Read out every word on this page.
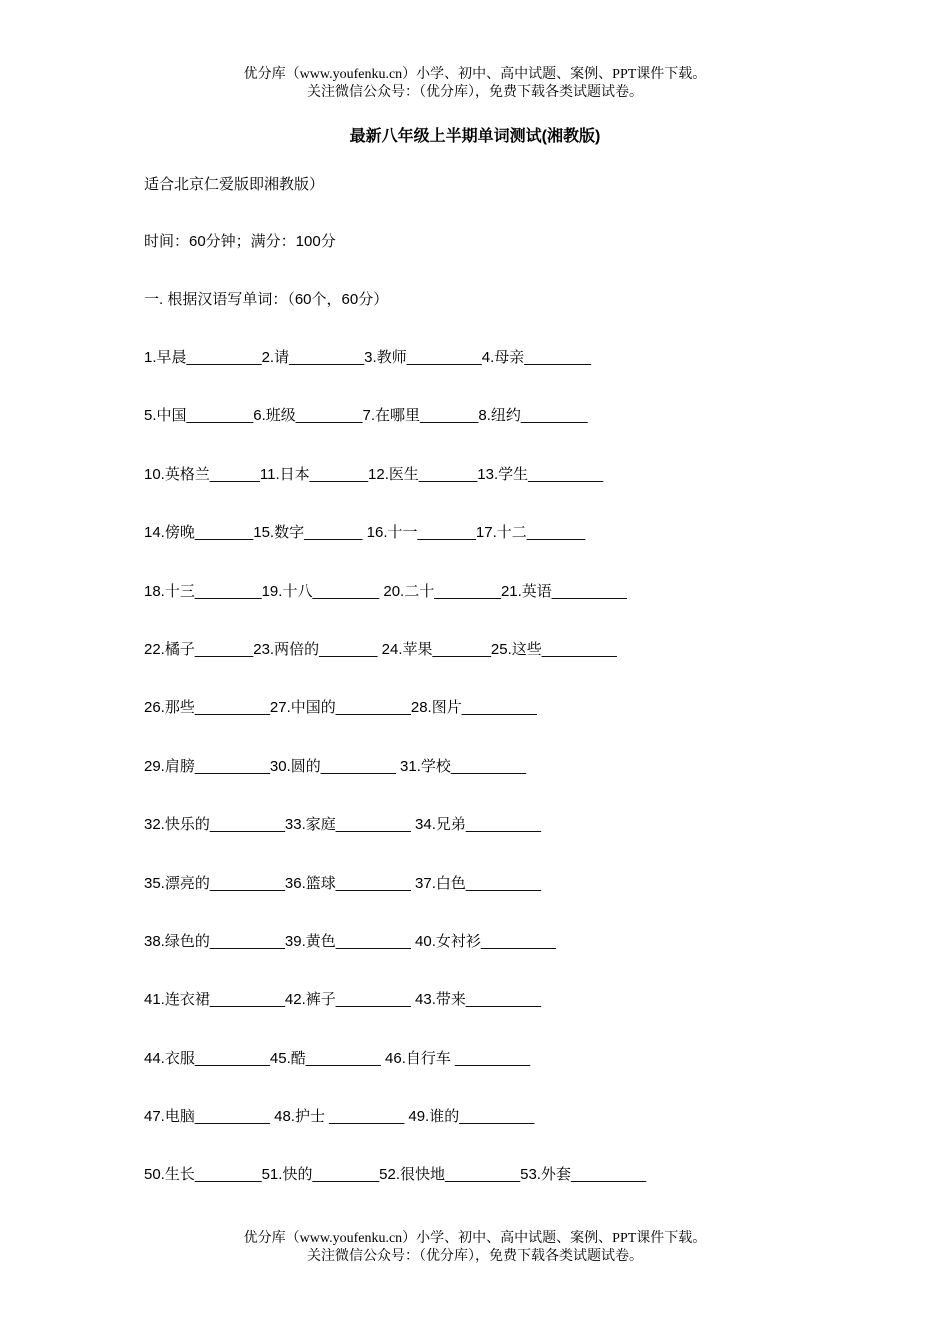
优分库（www.youfenku.cn）小学、初中、高中试题、案例、PPT课件下载。
关注微信公众号：（优分库），免费下载各类试题试卷。
最新八年级上半期单词测试(湘教版)
适合北京仁爱版即湘教版）
时间：60分钟；满分：100分
一. 根据汉语写单词：（60个，60分）
1.早晨_________2.请_________3.教师_________4.母亲________
5.中国________6.班级________7.在哪里_______8.纽约________
10.英格兰______11.日本_______12.医生_______13.学生_________
14.傍晚_______15.数字_______ 16.十一_______17.十二_______
18.十三________19.十八________ 20.二十________21.英语_________
22.橘子_______23.两倍的_______ 24.苹果_______25.这些_________
26.那些_________27.中国的_________28.图片_________
29.肩膀_________30.圆的_________ 31.学校_________
32.快乐的_________33.家庭_________ 34.兄弟_________
35.漂亮的_________36.篮球_________ 37.白色_________
38.绿色的_________39.黄色_________ 40.女衬衫_________
41.连衣裙_________42.裤子_________ 43.带来_________
44.衣服_________45.酷_________ 46.自行车 _________
47.电脑_________ 48.护士 _________ 49.谁的_________
50.生长________51.快的________52.很快地_________53.外套_________
优分库（www.youfenku.cn）小学、初中、高中试题、案例、PPT课件下载。
关注微信公众号：（优分库），免费下载各类试题试卷。
